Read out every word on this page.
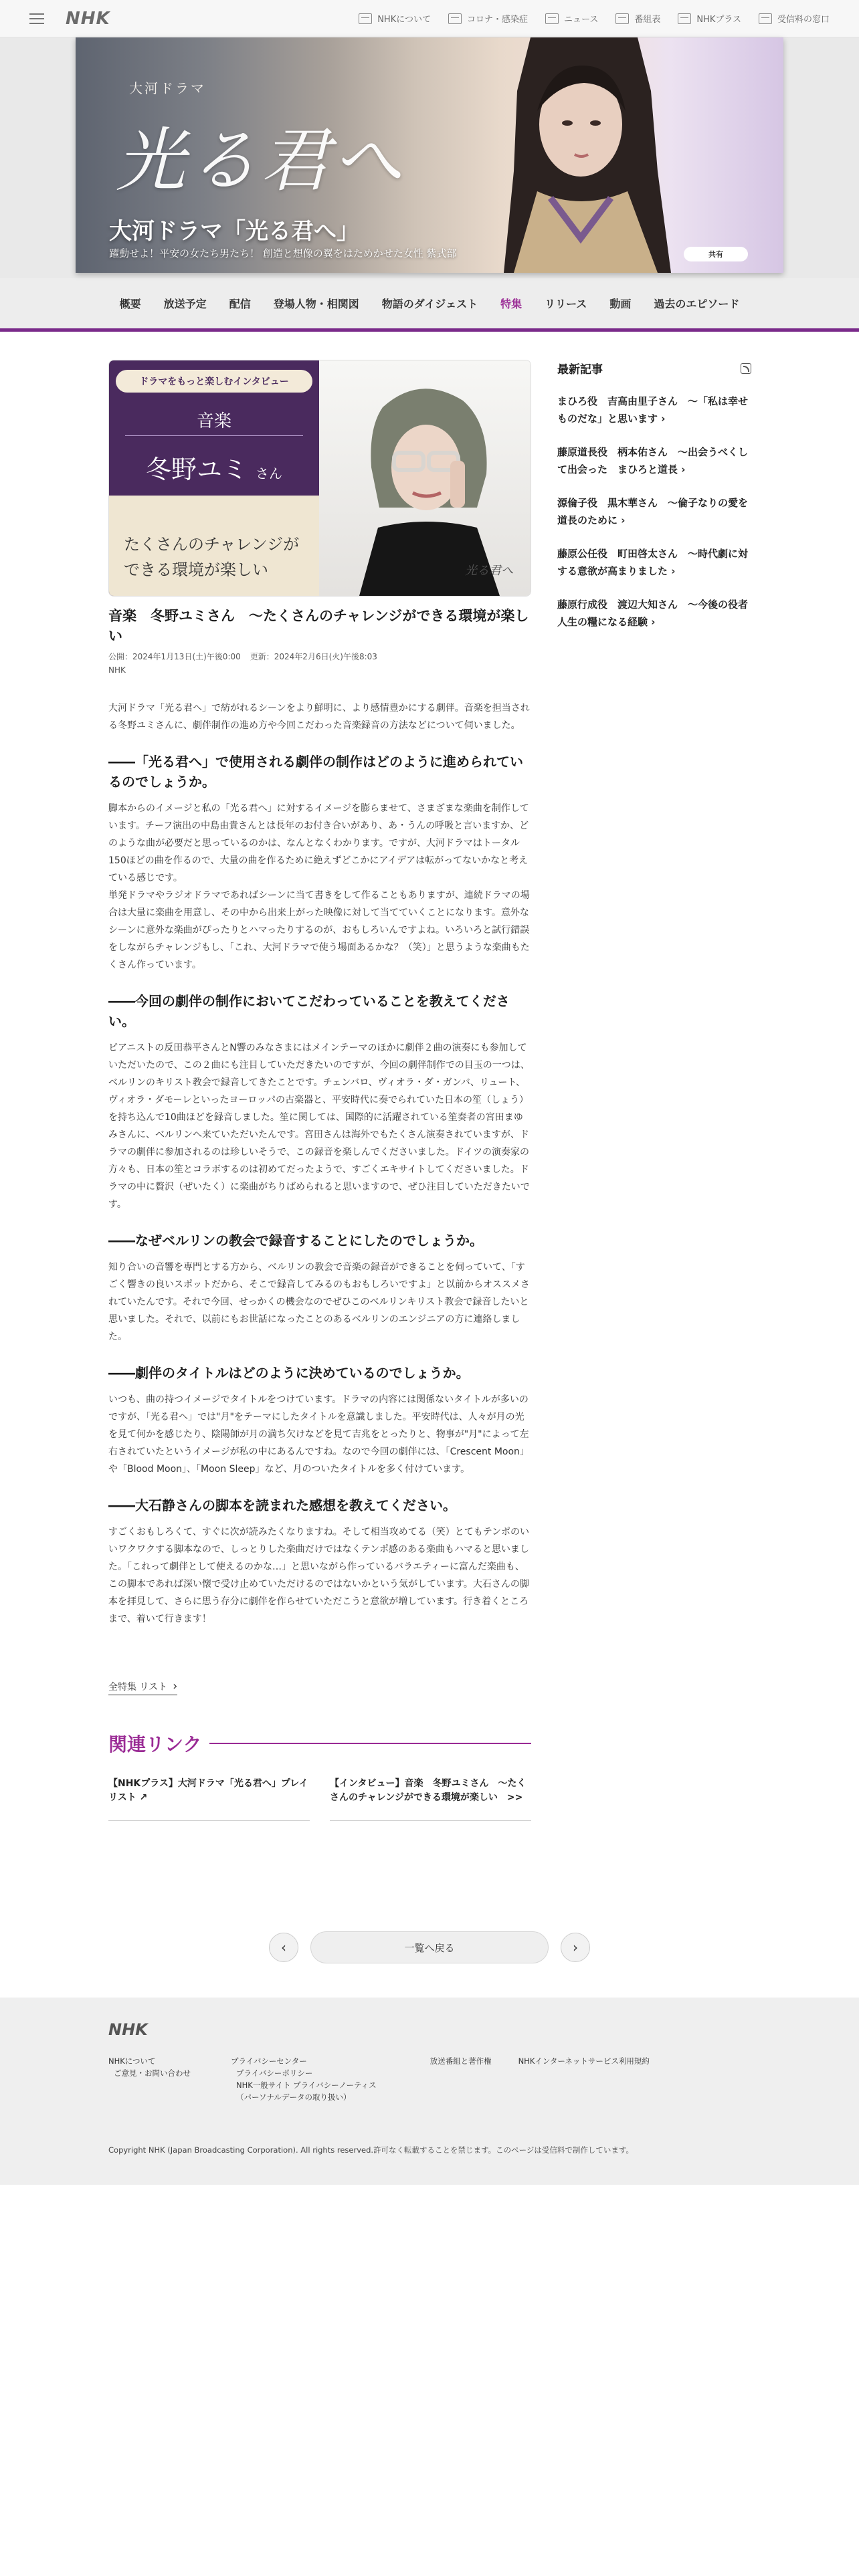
NHK	NHKについて	コロナ・感染症	ニュース	番組表	NHKプラス	受信料の窓口
大河ドラマ
光る君へ
大河ドラマ「光る君へ」
躍動せよ！平安の女たち男たち！ 創造と想像の翼をはためかせた女性 紫式部	共有
概要	放送予定	配信	登場人物・相関図	物語のダイジェスト	特集	リリース	動画	過去のエピソード
ドラマをもっと楽しむインタビュー
音楽
冬野ユミ さん
たくさんのチャレンジが
できる環境が楽しい	光る君へ
音楽　冬野ユミさん　～たくさんのチャレンジができる環境が楽しい
公開：2024年1月13日(土)午後0:00 更新：2024年2月6日(火)午後8:03
NHK

大河ドラマ「光る君へ」で紡がれるシーンをより鮮明に、より感情豊かにする劇伴。音楽を担当される冬野ユミさんに、劇伴制作の進め方や今回こだわった音楽録音の方法などについて伺いました。

――「光る君へ」で使用される劇伴の制作はどのように進められているのでしょうか。

脚本からのイメージと私の「光る君へ」に対するイメージを膨らませて、さまざまな楽曲を制作しています。チーフ演出の中島由貴さんとは長年のお付き合いがあり、あ・うんの呼吸と言いますか、どのような曲が必要だと思っているのかは、なんとなくわかります。ですが、大河ドラマはトータル150ほどの曲を作るので、大量の曲を作るために絶えずどこかにアイデアは転がってないかなと考えている感じです。
単発ドラマやラジオドラマであればシーンに当て書きをして作ることもありますが、連続ドラマの場合は大量に楽曲を用意し、その中から出来上がった映像に対して当てていくことになります。意外なシーンに意外な楽曲がぴったりとハマったりするのが、おもしろいんですよね。いろいろと試行錯誤をしながらチャレンジもし、「これ、大河ドラマで使う場面あるかな？（笑）」と思うような楽曲もたくさん作っています。

――今回の劇伴の制作においてこだわっていることを教えてください。

ピアニストの反田恭平さんとN響のみなさまにはメインテーマのほかに劇伴２曲の演奏にも参加していただいたので、この２曲にも注目していただきたいのですが、今回の劇伴制作での目玉の一つは、ベルリンのキリスト教会で録音してきたことです。チェンバロ、ヴィオラ・ダ・ガンバ、リュート、ヴィオラ・ダモーレといったヨーロッパの古楽器と、平安時代に奏でられていた日本の笙（しょう）を持ち込んで10曲ほどを録音しました。笙に関しては、国際的に活躍されている笙奏者の宮田まゆみさんに、ベルリンへ来ていただいたんです。宮田さんは海外でもたくさん演奏されていますが、ドラマの劇伴に参加されるのは珍しいそうで、この録音を楽しんでくださいました。ドイツの演奏家の方々も、日本の笙とコラボするのは初めてだったようで、すごくエキサイトしてくださいました。ドラマの中に贅沢（ぜいたく）に楽曲がちりばめられると思いますので、ぜひ注目していただきたいです。

――なぜベルリンの教会で録音することにしたのでしょうか。

知り合いの音響を専門とする方から、ベルリンの教会で音楽の録音ができることを伺っていて、「すごく響きの良いスポットだから、そこで録音してみるのもおもしろいですよ」と以前からオススメされていたんです。それで今回、せっかくの機会なのでぜひこのベルリンキリスト教会で録音したいと思いました。それで、以前にもお世話になったことのあるベルリンのエンジニアの方に連絡しました。

――劇伴のタイトルはどのように決めているのでしょうか。

いつも、曲の持つイメージでタイトルをつけています。ドラマの内容には関係ないタイトルが多いのですが、「光る君へ」では"月"をテーマにしたタイトルを意識しました。平安時代は、人々が月の光を見て何かを感じたり、陰陽師が月の満ち欠けなどを見て吉兆をとったりと、物事が"月"によって左右されていたというイメージが私の中にあるんですね。なので今回の劇伴には、「Crescent Moon」や「Blood Moon」、「Moon Sleep」など、月のついたタイトルを多く付けています。

――大石静さんの脚本を読まれた感想を教えてください。

すごくおもしろくて、すぐに次が読みたくなりますね。そして相当攻めてる（笑）とてもテンポのいいワクワクする脚本なので、しっとりした楽曲だけではなくテンポ感のある楽曲もハマると思いました。「これって劇伴として使えるのかな…」と思いながら作っているバラエティーに富んだ楽曲も、この脚本であれば深い懐で受け止めていただけるのではないかという気がしています。大石さんの脚本を拝見して、さらに思う存分に劇伴を作らせていただこうと意欲が増しています。行き着くところまで、着いて行きます！

全特集 リスト ›
関連リンク
【NHKプラス】大河ドラマ「光る君へ」プレイリスト ↗
【インタビュー】音楽　冬野ユミさん　～たくさんのチャレンジができる環境が楽しい　>>
最新記事
まひろ役　吉高由里子さん　～「私は幸せものだな」と思います ›
藤原道長役　柄本佑さん　～出会うべくして出会った　まひろと道長 ›
源倫子役　黒木華さん　～倫子なりの愛を 道長のために ›
藤原公任役　町田啓太さん　～時代劇に対する意欲が高まりました ›
藤原行成役　渡辺大知さん　～今後の役者人生の糧になる経験 ›
‹	一覧へ戻る	›
NHK
NHKについて
ご意見・お問い合わせ
プライバシーセンター
プライバシーポリシー
NHK一般サイト プライバシーノーティス
（パーソナルデータの取り扱い）
放送番組と著作権	NHKインターネットサービス利用規約
Copyright NHK (Japan Broadcasting Corporation). All rights reserved.許可なく転載することを禁じます。このページは受信料で制作しています。
